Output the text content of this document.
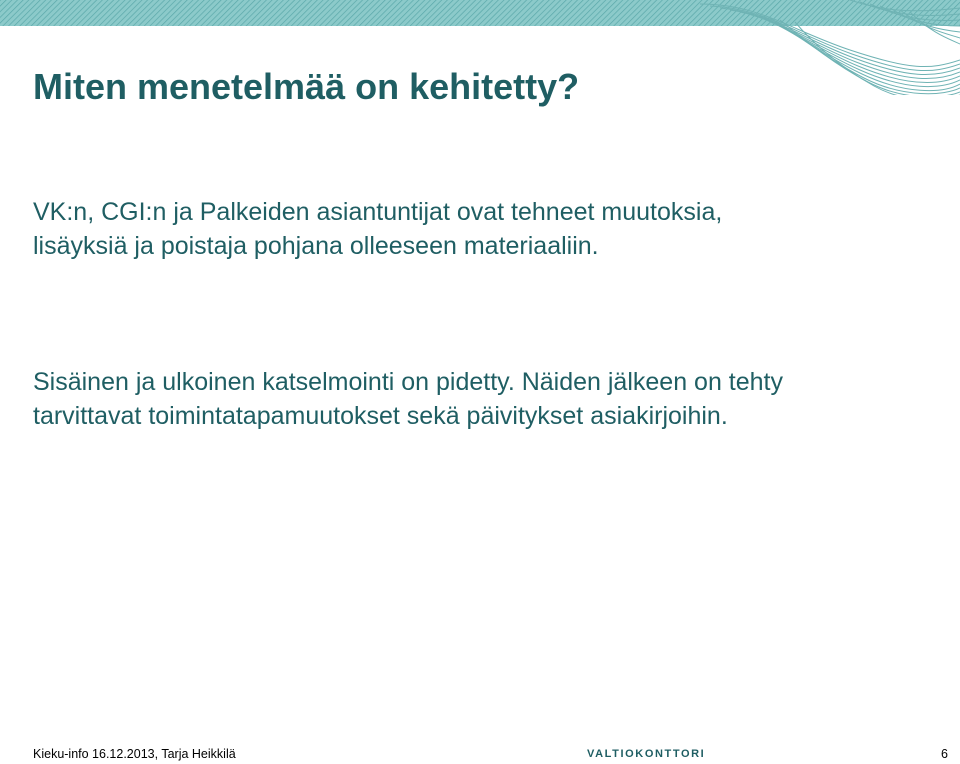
Miten menetelmää on kehitetty?

VK:n, CGI:n ja Palkeiden asiantuntijat ovat tehneet muutoksia, lisäyksiä ja poistaja pohjana olleeseen materiaaliin.

Sisäinen ja ulkoinen katselmointi on pidetty. Näiden jälkeen on tehty tarvittavat toimintatapamuutokset sekä päivitykset asiakirjoihin.

Kieku-info 16.12.2013, Tarja Heikkilä	VALTIOKONTTORI	6
